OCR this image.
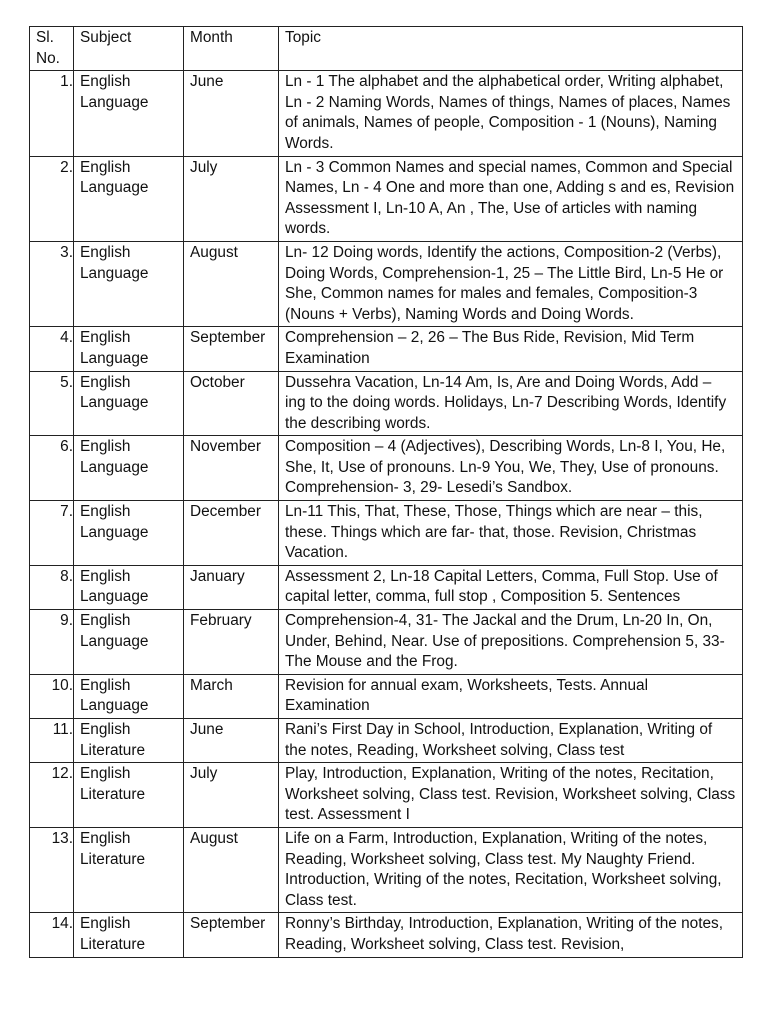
Sl. No.	Subject	Month	Topic
1.	English Language	June	Ln - 1 The alphabet and the alphabetical order, Writing alphabet, Ln - 2 Naming Words, Names of things, Names of places, Names of animals, Names of people, Composition - 1 (Nouns), Naming Words.
2.	English Language	July	Ln - 3 Common Names and special names, Common and Special Names, Ln - 4 One and more than one, Adding s and es, Revision Assessment I, Ln-10 A, An , The, Use of articles with naming words.
3.	English Language	August	Ln- 12 Doing words, Identify the actions, Composition-2 (Verbs), Doing Words, Comprehension-1, 25 – The Little Bird, Ln-5 He or She, Common names for males and females, Composition-3 (Nouns + Verbs), Naming Words and Doing Words.
4.	English Language	September	Comprehension – 2, 26 – The Bus Ride, Revision, Mid Term Examination
5.	English Language	October	Dussehra Vacation, Ln-14 Am, Is, Are and Doing Words, Add – ing to the doing words. Holidays, Ln-7 Describing Words, Identify the describing words.
6.	English Language	November	Composition – 4 (Adjectives), Describing Words, Ln-8 I, You, He, She, It, Use of pronouns. Ln-9 You, We, They, Use of pronouns. Comprehension- 3, 29- Lesedi’s Sandbox.
7.	English Language	December	Ln-11 This, That, These, Those, Things which are near – this, these. Things which are far- that, those. Revision, Christmas Vacation.
8.	English Language	January	Assessment 2, Ln-18 Capital Letters, Comma, Full Stop. Use of capital letter, comma, full stop , Composition 5. Sentences
9.	English Language	February	Comprehension-4, 31- The Jackal and the Drum, Ln-20 In, On, Under, Behind, Near. Use of prepositions. Comprehension 5, 33- The Mouse and the Frog.
10.	English Language	March	Revision for annual exam, Worksheets, Tests. Annual Examination
11.	English Literature	June	Rani’s First Day in School, Introduction, Explanation, Writing of the notes, Reading, Worksheet solving, Class test
12.	English Literature	July	Play, Introduction, Explanation, Writing of the notes, Recitation, Worksheet solving, Class test. Revision, Worksheet solving, Class test. Assessment I
13.	English Literature	August	Life on a Farm, Introduction, Explanation, Writing of the notes, Reading, Worksheet solving, Class test. My Naughty Friend. Introduction, Writing of the notes, Recitation, Worksheet solving, Class test.
14.	English Literature	September	Ronny’s Birthday, Introduction, Explanation, Writing of the notes, Reading, Worksheet solving, Class test. Revision,
